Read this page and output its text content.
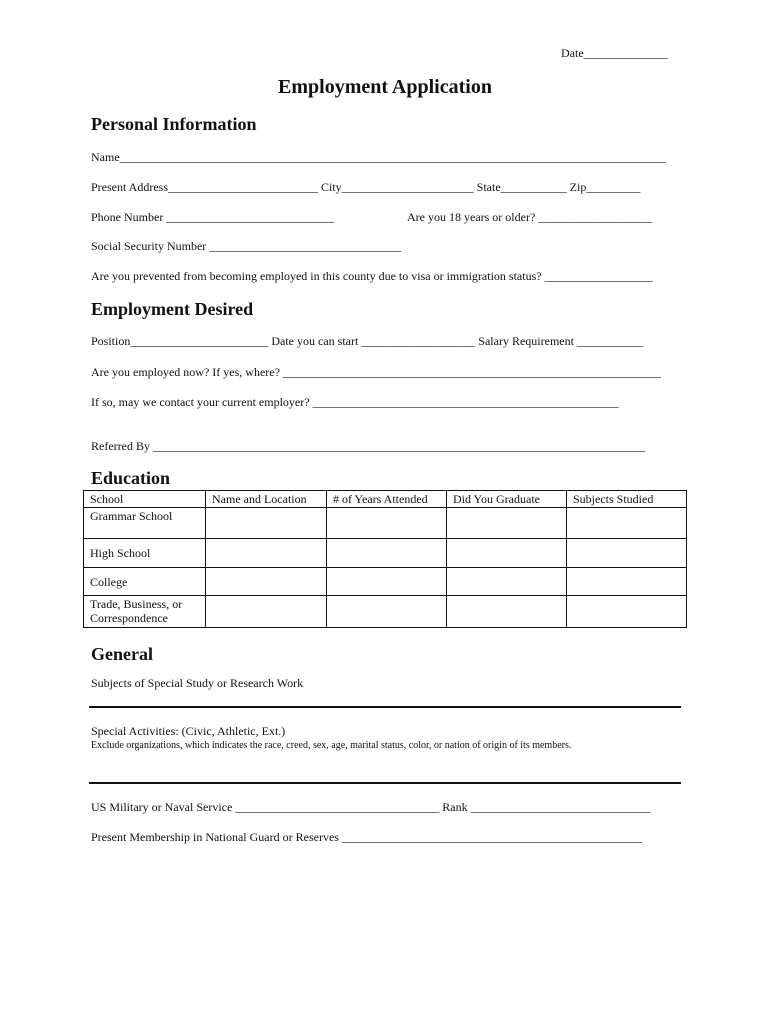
Date______________
Employment Application
Personal Information
Name___________________________________________________________________________________________
Present Address_________________________ City______________________ State___________ Zip_________
Phone Number ____________________________	Are you 18 years or older? ___________________
Social Security Number ________________________________
Are you prevented from becoming employed in this county due to visa or immigration status? __________________
Employment Desired
Position_______________________ Date you can start ___________________ Salary Requirement ___________
Are you employed now? If yes, where? _______________________________________________________________
If so, may we contact your current employer? ___________________________________________________
Referred By __________________________________________________________________________________
Education
School	Name and Location	# of Years Attended	Did You Graduate	Subjects Studied
Grammar School				
High School				
College				
Trade, Business, or Correspondence				
General
Subjects of Special Study or Research Work
Special Activities: (Civic, Athletic, Ext.)
Exclude organizations, which indicates the race, creed, sex, age, marital status, color, or nation of origin of its members.
US Military or Naval Service __________________________________ Rank ______________________________
Present Membership in National Guard or Reserves __________________________________________________
